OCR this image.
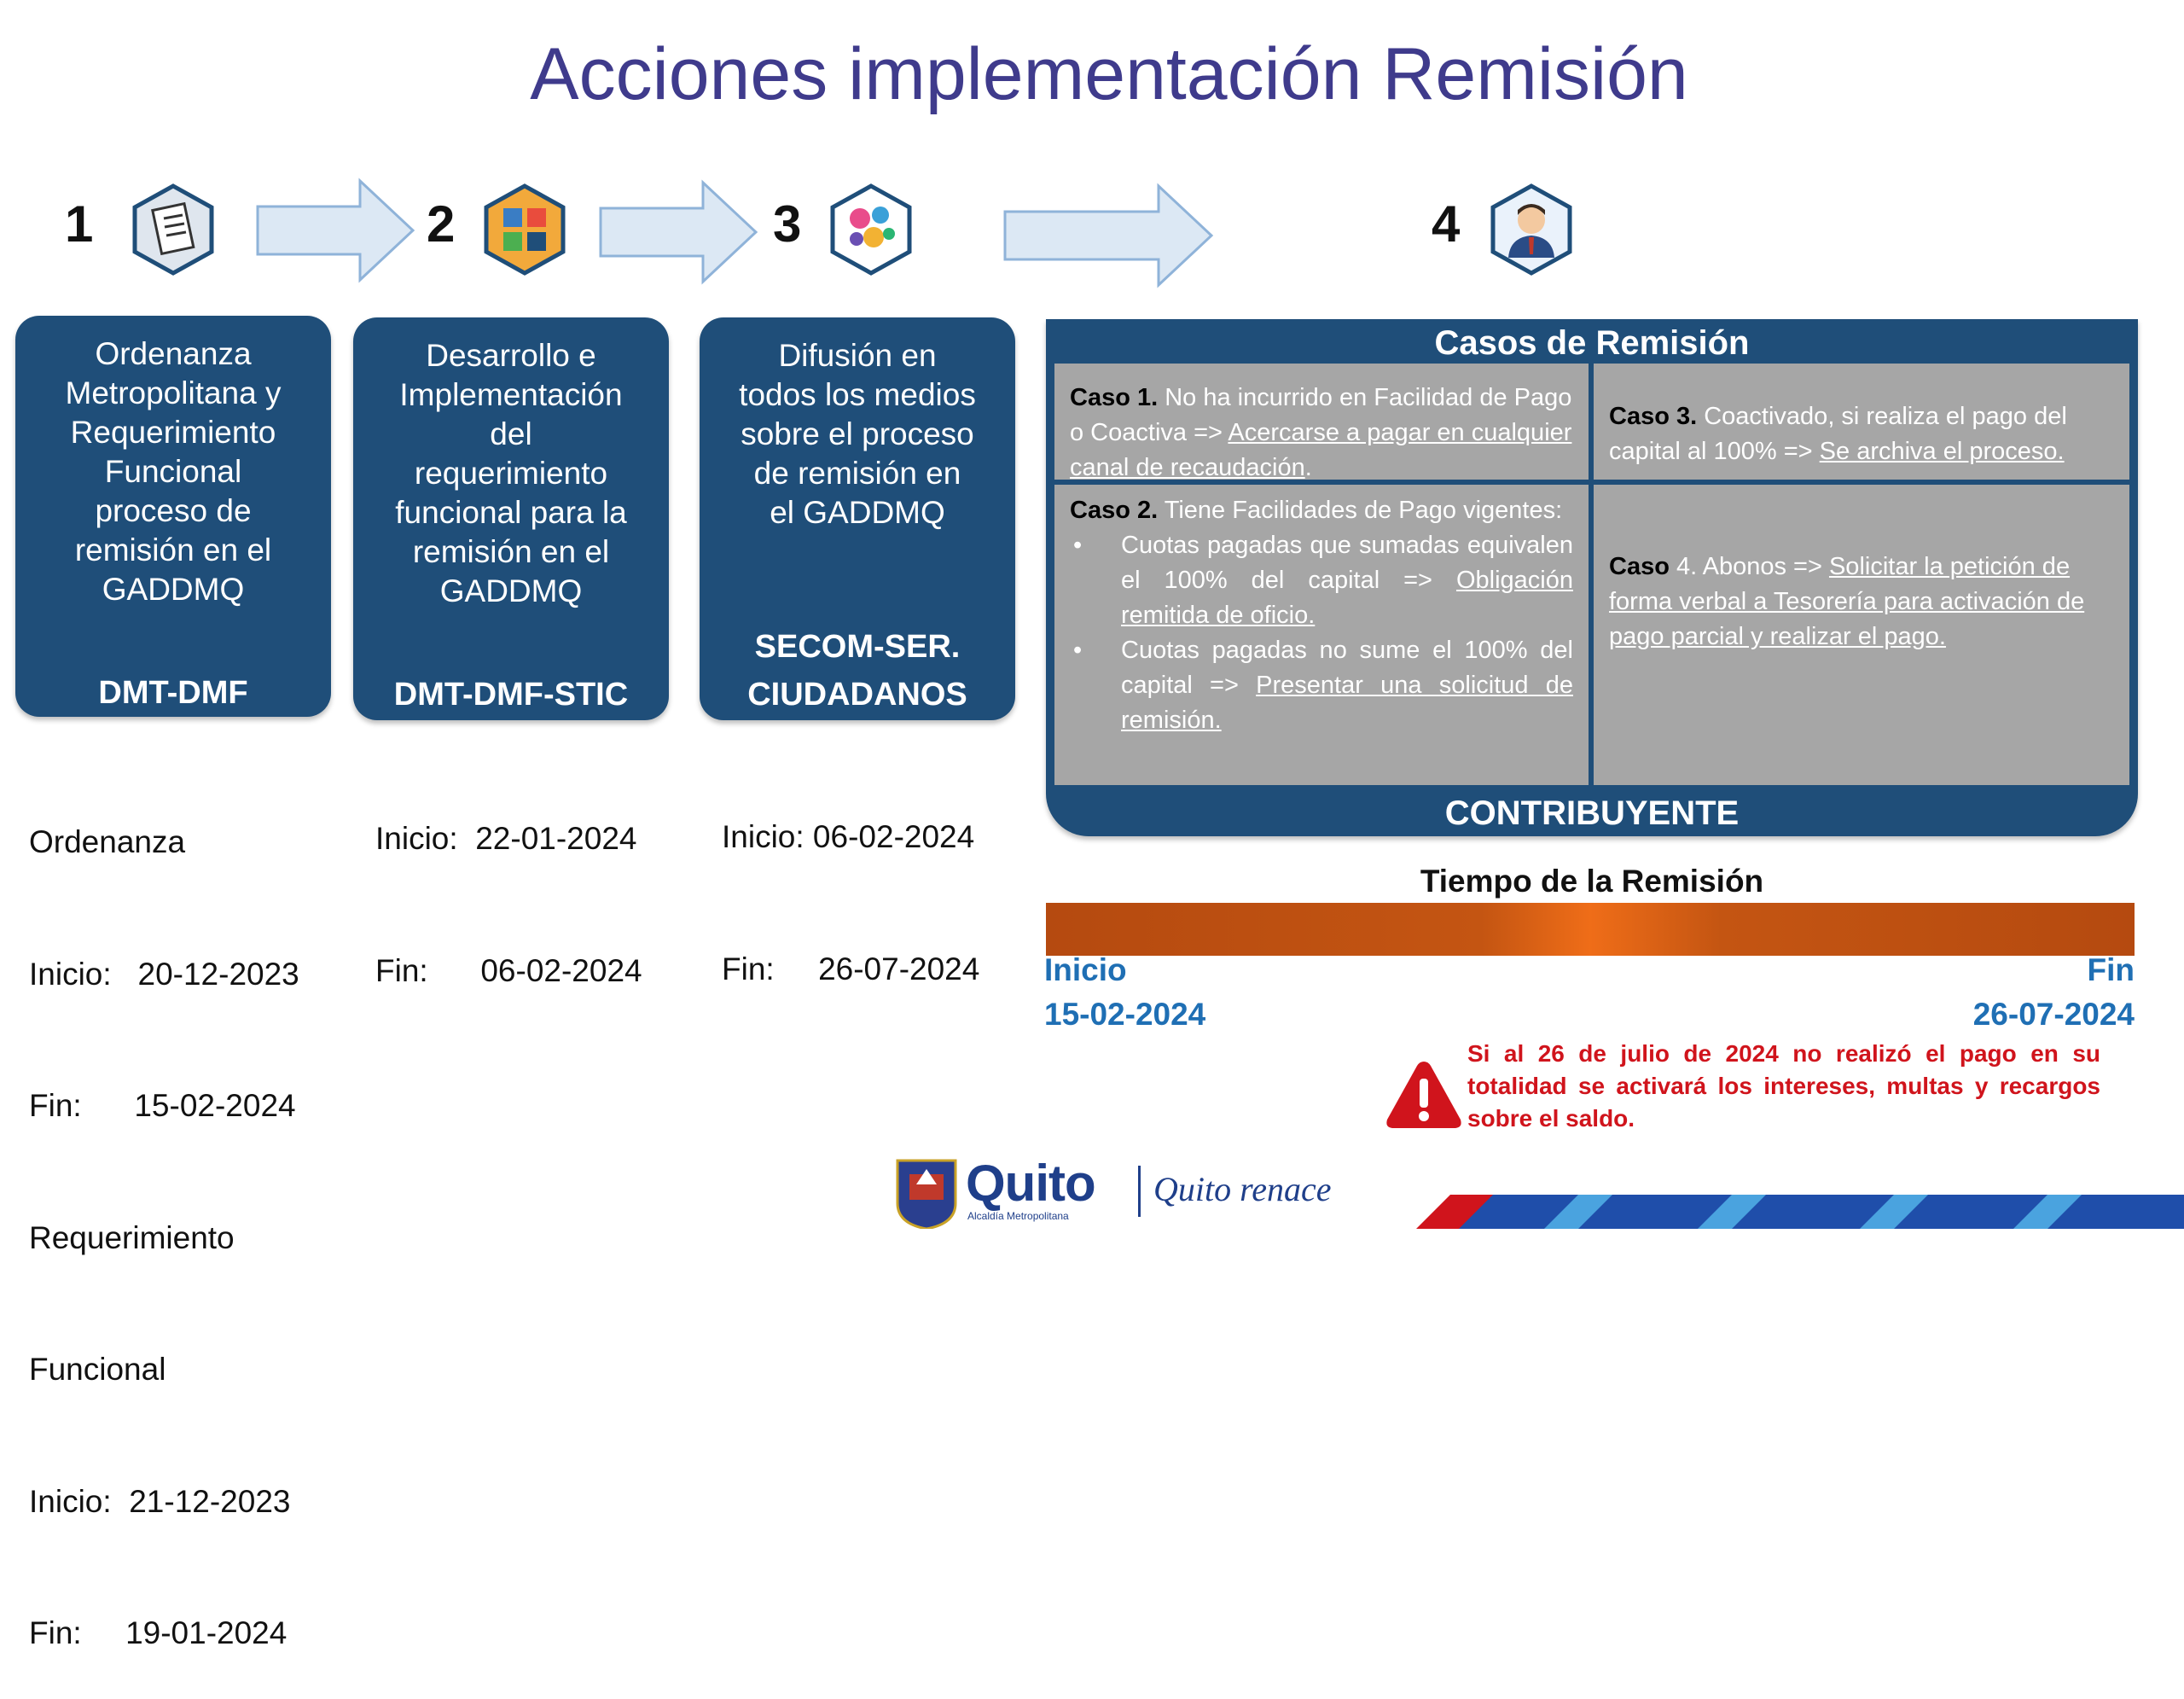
Acciones implementación Remisión
1	2	3	4
Ordenanza
Metropolitana y
Requerimiento
Funcional
proceso de
remisión en el
GADDMQ
DMT-DMF
Desarrollo e
Implementación
del
requerimiento
funcional para la
remisión en el
GADDMQ
DMT-DMF-STIC
Difusión en
todos los medios
sobre el proceso
de remisión en
el GADDMQ
SECOM-SER.
CIUDADANOS

Ordenanza

Inicio:   20-12-2023

Fin:      15-02-2024

Requerimiento

Funcional

Inicio:  21-12-2023

Fin:     19-01-2024

Inicio:  22-01-2024

Fin:      06-02-2024

Inicio: 06-02-2024

Fin:     26-07-2024

Casos de Remisión
Caso 1. No ha incurrido en Facilidad de Pago o Coactiva => Acercarse a pagar en cualquier canal de recaudación.
Caso 3. Coactivado, si realiza el pago del capital al 100% => Se archiva el proceso.
Caso 2. Tiene Facilidades de Pago vigentes:
• Cuotas pagadas que sumadas equivalen el 100% del capital => Obligación remitida de oficio.
• Cuotas pagadas no sume el 100% del capital => Presentar una solicitud de remisión.
Caso 4. Abonos => Solicitar la petición de forma verbal a Tesorería para activación de pago parcial y realizar el pago.
CONTRIBUYENTE
Tiempo de la Remisión
Inicio
15-02-2024
Fin
26-07-2024
Si al 26 de julio de 2024 no realizó el pago en su totalidad se activará los intereses, multas y recargos sobre el saldo.
Quito
Alcaldía Metropolitana
Quito renace
